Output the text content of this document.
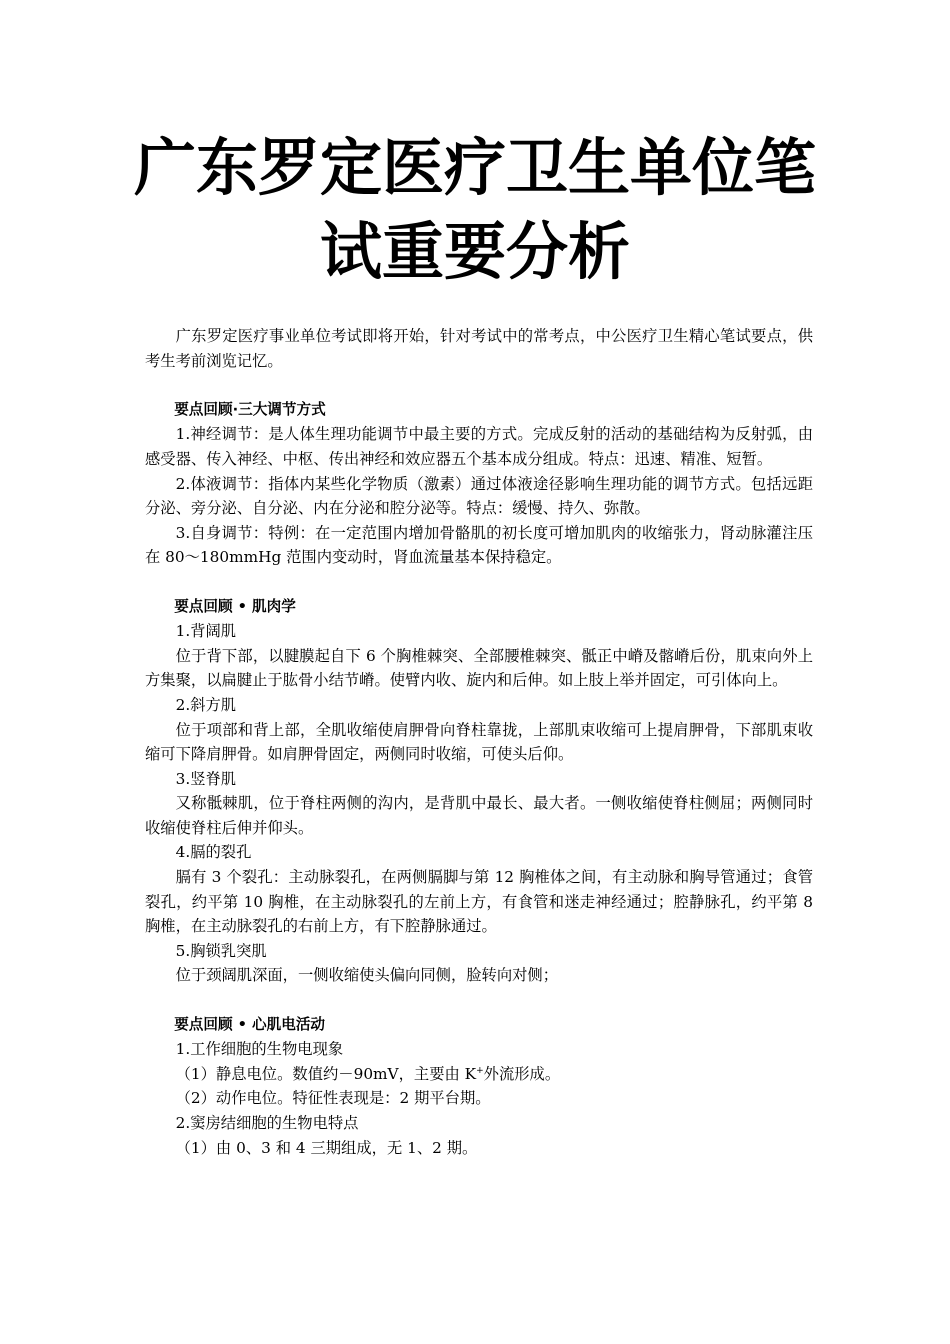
广东罗定医疗卫生单位笔
试重要分析

广东罗定医疗事业单位考试即将开始，针对考试中的常考点，中公医疗卫生精心笔试要点，供考生考前浏览记忆。

要点回顾·三大调节方式

1.神经调节：是人体生理功能调节中最主要的方式。完成反射的活动的基础结构为反射弧，由感受器、传入神经、中枢、传出神经和效应器五个基本成分组成。特点：迅速、精准、短暂。

2.体液调节：指体内某些化学物质（激素）通过体液途径影响生理功能的调节方式。包括远距分泌、旁分泌、自分泌、内在分泌和腔分泌等。特点：缓慢、持久、弥散。

3.自身调节：特例：在一定范围内增加骨骼肌的初长度可增加肌肉的收缩张力，肾动脉灌注压在 80～180mmHg 范围内变动时，肾血流量基本保持稳定。

要点回顾 • 肌肉学

1.背阔肌

位于背下部，以腱膜起自下 6 个胸椎棘突、全部腰椎棘突、骶正中嵴及髂嵴后份，肌束向外上方集聚，以扁腱止于肱骨小结节嵴。使臂内收、旋内和后伸。如上肢上举并固定，可引体向上。

2.斜方肌

位于项部和背上部，全肌收缩使肩胛骨向脊柱靠拢，上部肌束收缩可上提肩胛骨，下部肌束收缩可下降肩胛骨。如肩胛骨固定，两侧同时收缩，可使头后仰。

3.竖脊肌

又称骶棘肌，位于脊柱两侧的沟内，是背肌中最长、最大者。一侧收缩使脊柱侧屈；两侧同时收缩使脊柱后伸并仰头。

4.膈的裂孔

膈有 3 个裂孔：主动脉裂孔，在两侧膈脚与第 12 胸椎体之间，有主动脉和胸导管通过；食管裂孔，约平第 10 胸椎，在主动脉裂孔的左前上方，有食管和迷走神经通过；腔静脉孔，约平第 8 胸椎，在主动脉裂孔的右前上方，有下腔静脉通过。

5.胸锁乳突肌

位于颈阔肌深面，一侧收缩使头偏向同侧，脸转向对侧；

要点回顾 • 心肌电活动

1.工作细胞的生物电现象

（1）静息电位。数值约－90mV，主要由 K+外流形成。

（2）动作电位。特征性表现是：2 期平台期。

2.窦房结细胞的生物电特点

（1）由 0、3 和 4 三期组成，无 1、2 期。
